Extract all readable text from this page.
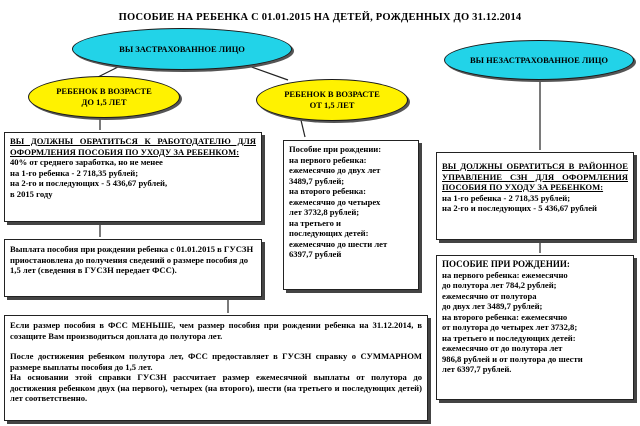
ПОСОБИЕ НА РЕБЕНКА С 01.01.2015 НА ДЕТЕЙ, РОЖДЕННЫХ ДО 31.12.2014
ВЫ ЗАСТРАХОВАННОЕ ЛИЦО
ВЫ НЕЗАСТРАХОВАННОЕ ЛИЦО
РЕБЕНОК В ВОЗРАСТЕ
ДО 1,5 ЛЕТ
РЕБЕНОК В ВОЗРАСТЕ
ОТ 1,5 ЛЕТ

ВЫ ДОЛЖНЫ ОБРАТИТЬСЯ К РАБОТОДАТЕЛЮ ДЛЯ ОФОРМЛЕНИЯ ПОСОБИЯ ПО УХОДУ ЗА РЕБЕНКОМ:

40% от среднего заработка, но не менее

на 1-го ребенка - 2 718,35 рублей;

на 2-го и последующих - 5 436,67 рублей,

в 2015 году

Выплата пособия при рождении ребенка с 01.01.2015 в ГУСЗН приостановлена до получения сведений о размере пособия до 1,5 лет (сведения в ГУСЗН передает ФСС).

Пособие при рождении:

на первого ребенка:

ежемесячно до двух лет

3489,7 рублей;

на второго ребенка:

ежемесячно до четырех

лет 3732,8 рублей;

на третьего и

последующих детей:

ежемесячно до шести лет

6397,7 рублей

ВЫ ДОЛЖНЫ ОБРАТИТЬСЯ В РАЙОННОЕ УПРАВЛЕНИЕ СЗН ДЛЯ ОФОРМЛЕНИЯ ПОСОБИЯ ПО УХОДУ ЗА РЕБЕНКОМ:

на 1-го ребенка - 2 718,35 рублей;

на 2-го и последующих - 5 436,67 рублей

ПОСОБИЕ ПРИ РОЖДЕНИИ:

на первого ребенка: ежемесячно

до полутора лет 784,2 рублей;

ежемесячно от полутора

до двух лет 3489,7 рублей;

на второго ребенка: ежемесячно

от полутора до четырех лет 3732,8;

на третьего и последующих детей:

ежемесячно от до полутора лет

986,8 рублей и от полутора до шести

лет 6397,7 рублей.

Если размер пособия в ФСС МЕНЬШЕ, чем размер пособия при рождении ребенка на 31.12.2014, в созащите Вам производиться доплата до полутора лет.

После достижения ребенком полутора лет, ФСС предоставляет в ГУСЗН справку о СУММАРНОМ размере выплаты пособия до 1,5 лет.

На основании этой справки ГУСЗН рассчитает размер ежемесячной выплаты от полутора до достижения ребенком двух (на первого), четырех (на второго), шести (на третьего и последующих детей) лет соответственно.
